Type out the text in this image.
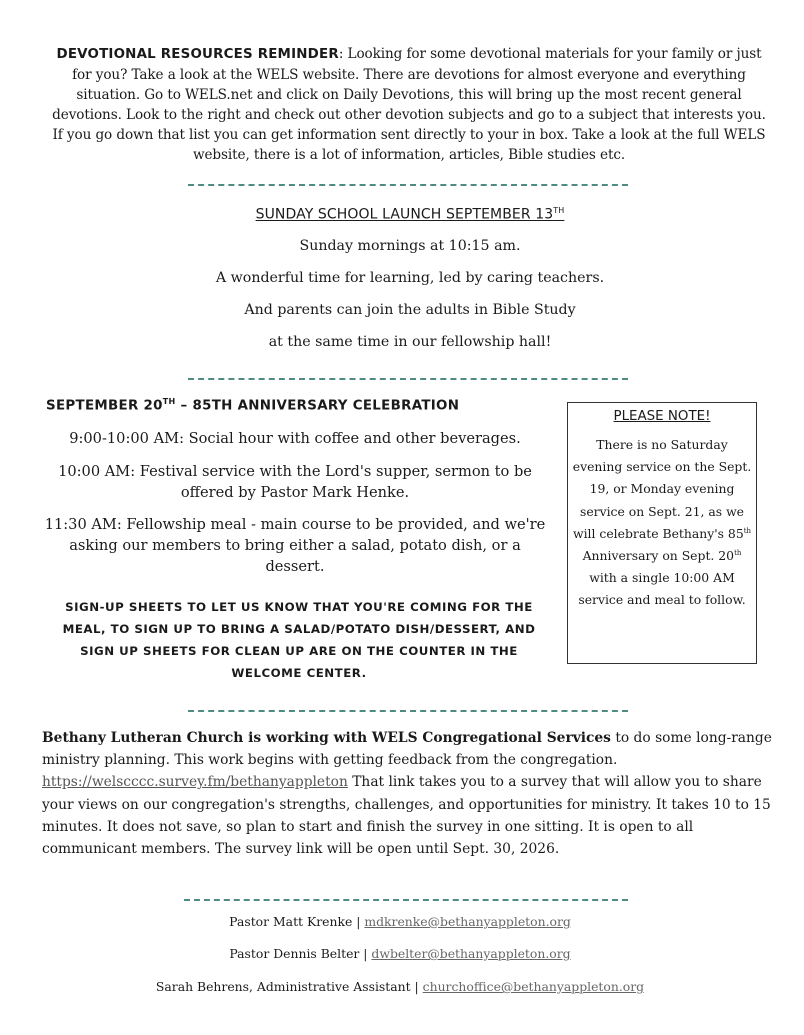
DEVOTIONAL RESOURCES REMINDER: Looking for some devotional materials for your family or just for you? Take a look at the WELS website. There are devotions for almost everyone and everything situation. Go to WELS.net and click on Daily Devotions, this will bring up the most recent general devotions. Look to the right and check out other devotion subjects and go to a subject that interests you. If you go down that list you can get information sent directly to your in box. Take a look at the full WELS website, there is a lot of information, articles, Bible studies etc.
SUNDAY SCHOOL LAUNCH SEPTEMBER 13TH
Sunday mornings at 10:15 am.
A wonderful time for learning, led by caring teachers.
And parents can join the adults in Bible Study
at the same time in our fellowship hall!
SEPTEMBER 20TH – 85TH ANNIVERSARY CELEBRATION
9:00-10:00 AM: Social hour with coffee and other beverages.
10:00 AM: Festival service with the Lord's supper, sermon to be offered by Pastor Mark Henke.
11:30 AM: Fellowship meal - main course to be provided, and we're asking our members to bring either a salad, potato dish, or a dessert.
SIGN-UP SHEETS TO LET US KNOW THAT YOU'RE COMING FOR THE MEAL, TO SIGN UP TO BRING A SALAD/POTATO DISH/DESSERT, AND SIGN UP SHEETS FOR CLEAN UP ARE ON THE COUNTER IN THE WELCOME CENTER.
PLEASE NOTE!
There is no Saturday evening service on the Sept. 19, or Monday evening service on Sept. 21, as we will celebrate Bethany's 85th Anniversary on Sept. 20th with a single 10:00 AM service and meal to follow.
Bethany Lutheran Church is working with WELS Congregational Services to do some long-range ministry planning. This work begins with getting feedback from the congregation. https://welscccc.survey.fm/bethanyappleton That link takes you to a survey that will allow you to share your views on our congregation's strengths, challenges, and opportunities for ministry. It takes 10 to 15 minutes. It does not save, so plan to start and finish the survey in one sitting. It is open to all communicant members. The survey link will be open until Sept. 30, 2026.
Pastor Matt Krenke | mdkrenke@bethanyappleton.org
Pastor Dennis Belter | dwbelter@bethanyappleton.org
Sarah Behrens, Administrative Assistant | churchoffice@bethanyappleton.org
